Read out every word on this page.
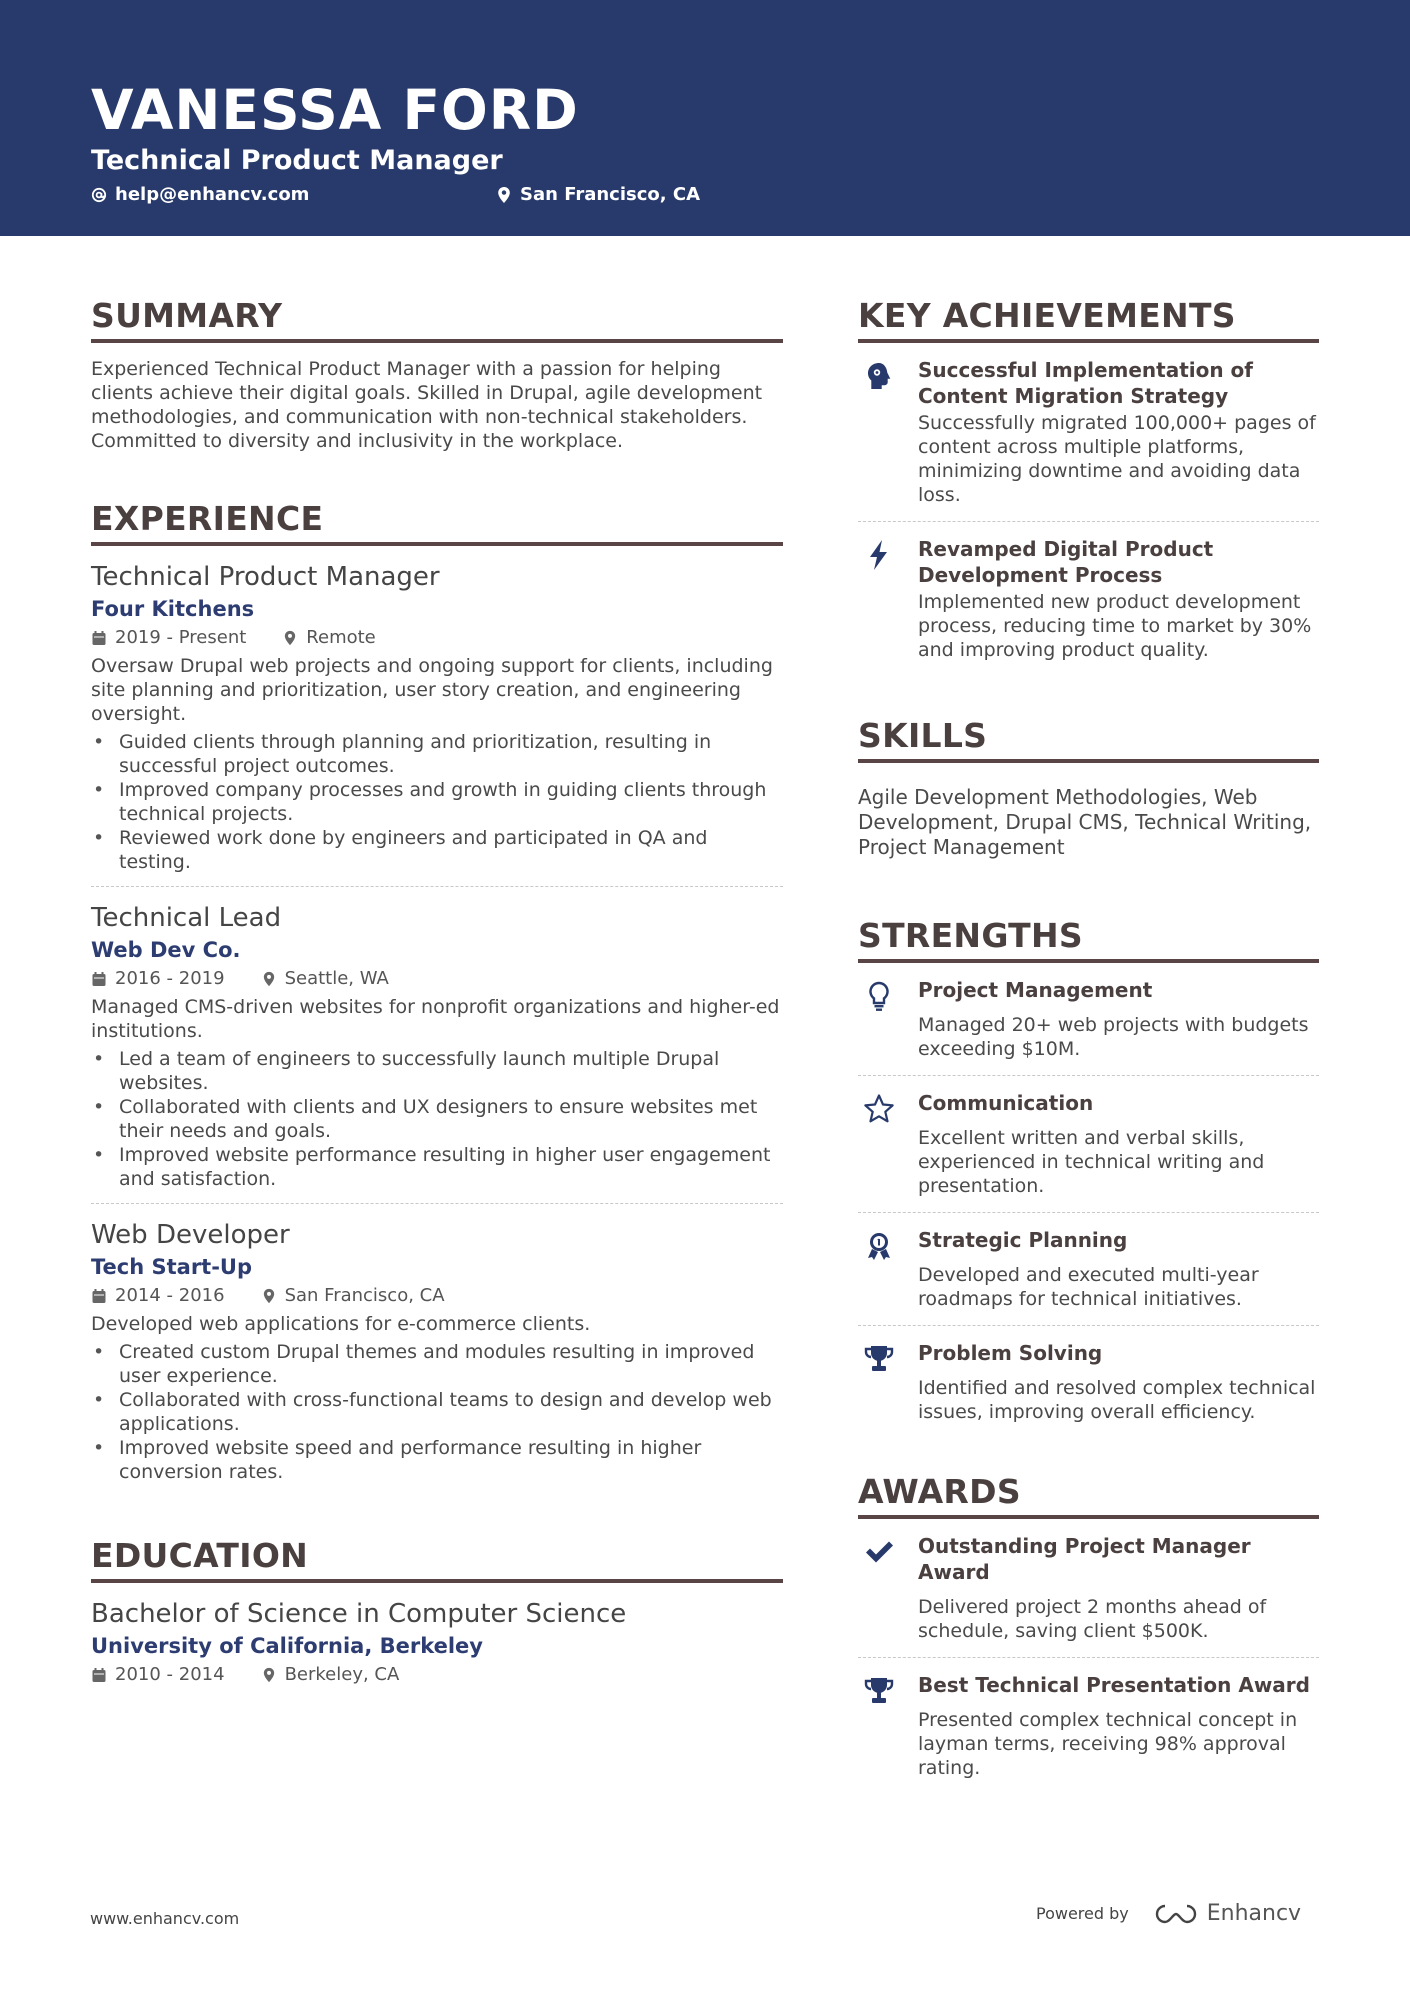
VANESSA FORD
Technical Product Manager
help@enhancv.com	San Francisco, CA
SUMMARY

Experienced Technical Product Manager with a passion for helping clients achieve their digital goals. Skilled in Drupal, agile development methodologies, and communication with non-technical stakeholders. Committed to diversity and inclusivity in the workplace.

EXPERIENCE
Technical Product Manager
Four Kitchens
2019 - Present	Remote

Oversaw Drupal web projects and ongoing support for clients, including site planning and prioritization, user story creation, and engineering oversight.

• Guided clients through planning and prioritization, resulting in successful project outcomes.
• Improved company processes and growth in guiding clients through technical projects.
• Reviewed work done by engineers and participated in QA and testing.
Technical Lead
Web Dev Co.
2016 - 2019	Seattle, WA

Managed CMS-driven websites for nonprofit organizations and higher-ed institutions.

• Led a team of engineers to successfully launch multiple Drupal websites.
• Collaborated with clients and UX designers to ensure websites met their needs and goals.
• Improved website performance resulting in higher user engagement and satisfaction.
Web Developer
Tech Start-Up
2014 - 2016	San Francisco, CA

Developed web applications for e-commerce clients.

• Created custom Drupal themes and modules resulting in improved user experience.
• Collaborated with cross-functional teams to design and develop web applications.
• Improved website speed and performance resulting in higher conversion rates.
EDUCATION
Bachelor of Science in Computer Science
University of California, Berkeley
2010 - 2014	Berkeley, CA
KEY ACHIEVEMENTS
Successful Implementation of Content Migration Strategy
Successfully migrated 100,000+ pages of content across multiple platforms, minimizing downtime and avoiding data loss.
Revamped Digital Product Development Process
Implemented new product development process, reducing time to market by 30% and improving product quality.
SKILLS

Agile Development Methodologies, Web Development, Drupal CMS, Technical Writing, Project Management

STRENGTHS
Project Management
Managed 20+ web projects with budgets exceeding $10M.
Communication
Excellent written and verbal skills, experienced in technical writing and presentation.
Strategic Planning
Developed and executed multi-year roadmaps for technical initiatives.
Problem Solving
Identified and resolved complex technical issues, improving overall efficiency.
AWARDS
Outstanding Project Manager Award
Delivered project 2 months ahead of schedule, saving client $500K.
Best Technical Presentation Award
Presented complex technical concept in layman terms, receiving 98% approval rating.
www.enhancv.com	Powered by	Enhancv
